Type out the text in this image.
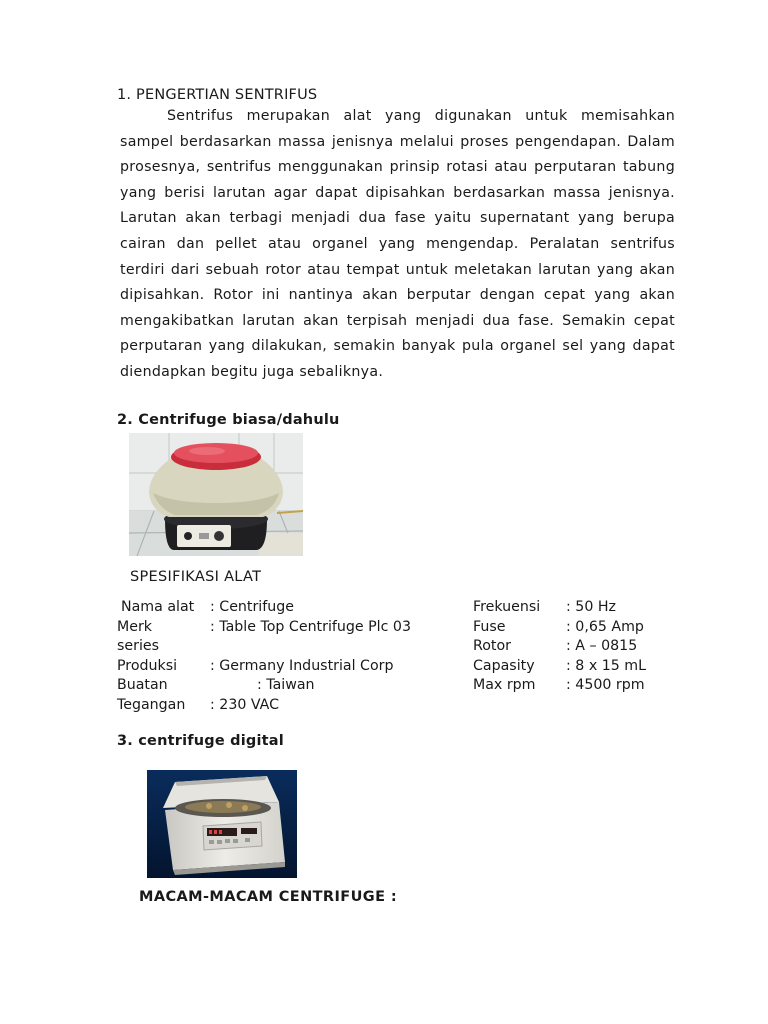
1. PENGERTIAN SENTRIFUS
Sentrifus merupakan alat yang digunakan untuk memisahkan sampel berdasarkan massa jenisnya melalui proses pengendapan. Dalam prosesnya, sentrifus menggunakan prinsip rotasi atau perputaran tabung yang berisi larutan agar dapat dipisahkan berdasarkan massa jenisnya. Larutan akan terbagi menjadi dua fase yaitu supernatant yang berupa cairan dan pellet atau organel yang mengendap. Peralatan sentrifus terdiri dari sebuah rotor atau tempat untuk meletakan larutan yang akan dipisahkan. Rotor ini nantinya akan berputar dengan cepat yang akan mengakibatkan larutan akan terpisah menjadi dua fase. Semakin cepat perputaran yang dilakukan, semakin banyak pula organel sel yang dapat diendapkan begitu juga sebaliknya.
2. Centrifuge biasa/dahulu
SPESIFIKASI ALAT
Nama alat : Centrifuge
Merk	: Table Top Centrifuge Plc 03
series
Produksi : Germany Industrial Corp
Buatan	: Taiwan
Tegangan : 230 VAC
Frekuensi : 50 Hz
Fuse	: 0,65 Amp
Rotor	: A – 0815
Capasity : 8 x 15 mL
Max rpm : 4500 rpm
3. centrifuge digital
MACAM-MACAM CENTRIFUGE :
